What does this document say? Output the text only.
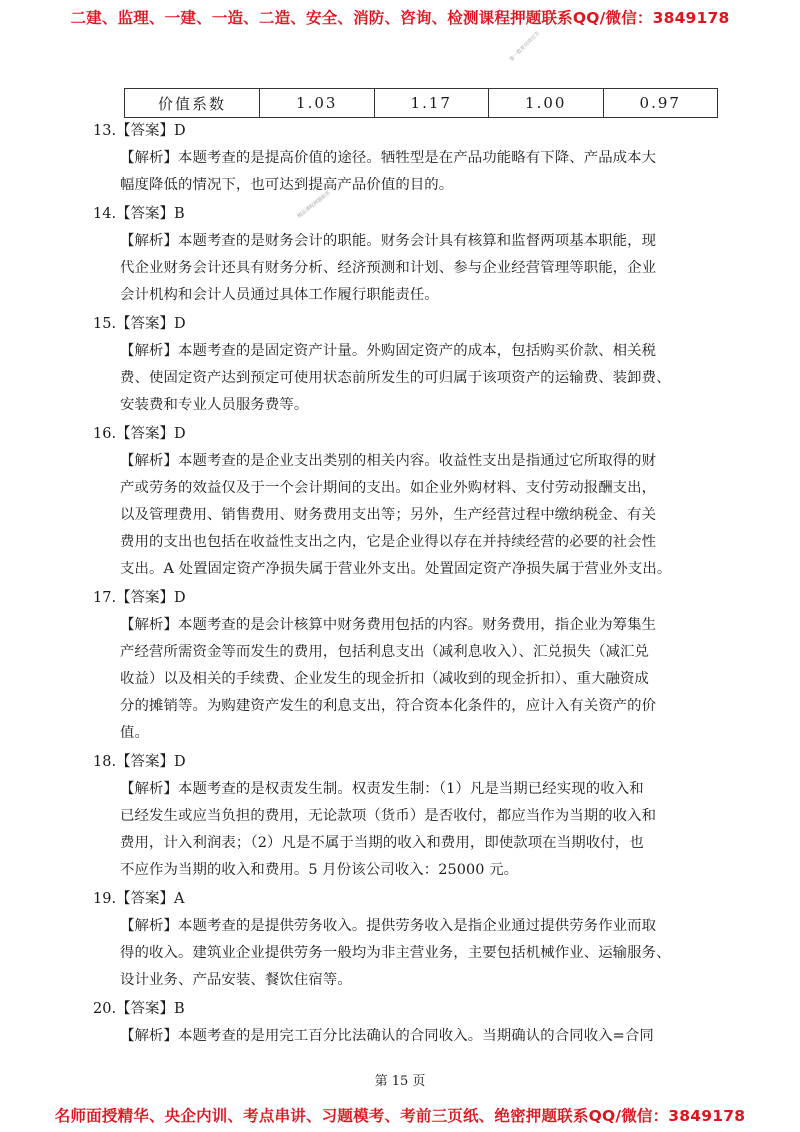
二建、监理、一建、一造、二造、安全、消防、咨询、检测课程押题联系QQ/微信：3849178
第一教育培训官方
精品课程押题联系
价值系数	1.03	1.17	1.00	0.97
13.【答案】D
【解析】本题考查的是提高价值的途径。牺牲型是在产品功能略有下降、产品成本大
幅度降低的情况下，也可达到提高产品价值的目的。
14.【答案】B
【解析】本题考查的是财务会计的职能。财务会计具有核算和监督两项基本职能，现
代企业财务会计还具有财务分析、经济预测和计划、参与企业经营管理等职能，企业
会计机构和会计人员通过具体工作履行职能责任。
15.【答案】D
【解析】本题考查的是固定资产计量。外购固定资产的成本，包括购买价款、相关税
费、使固定资产达到预定可使用状态前所发生的可归属于该项资产的运输费、装卸费、
安装费和专业人员服务费等。
16.【答案】D
【解析】本题考查的是企业支出类别的相关内容。收益性支出是指通过它所取得的财
产或劳务的效益仅及于一个会计期间的支出。如企业外购材料、支付劳动报酬支出，
以及管理费用、销售费用、财务费用支出等；另外，生产经营过程中缴纳税金、有关
费用的支出也包括在收益性支出之内，它是企业得以存在并持续经营的必要的社会性
支出。A 处置固定资产净损失属于营业外支出。处置固定资产净损失属于营业外支出。
17.【答案】D
【解析】本题考查的是会计核算中财务费用包括的内容。财务费用，指企业为筹集生
产经营所需资金等而发生的费用，包括利息支出（减利息收入）、汇兑损失（减汇兑
收益）以及相关的手续费、企业发生的现金折扣（减收到的现金折扣）、重大融资成
分的摊销等。为购建资产发生的利息支出，符合资本化条件的，应计入有关资产的价
值。
18.【答案】D
【解析】本题考查的是权责发生制。权责发生制：（1）凡是当期已经实现的收入和
已经发生或应当负担的费用，无论款项（货币）是否收付，都应当作为当期的收入和
费用，计入利润表；（2）凡是不属于当期的收入和费用，即使款项在当期收付，也
不应作为当期的收入和费用。5 月份该公司收入：25000 元。
19.【答案】A
【解析】本题考查的是提供劳务收入。提供劳务收入是指企业通过提供劳务作业而取
得的收入。建筑业企业提供劳务一般均为非主营业务，主要包括机械作业、运输服务、
设计业务、产品安装、餐饮住宿等。
20.【答案】B
【解析】本题考查的是用完工百分比法确认的合同收入。当期确认的合同收入=合同
第 15 页
名师面授精华、央企内训、考点串讲、习题模考、考前三页纸、绝密押题联系QQ/微信：3849178
